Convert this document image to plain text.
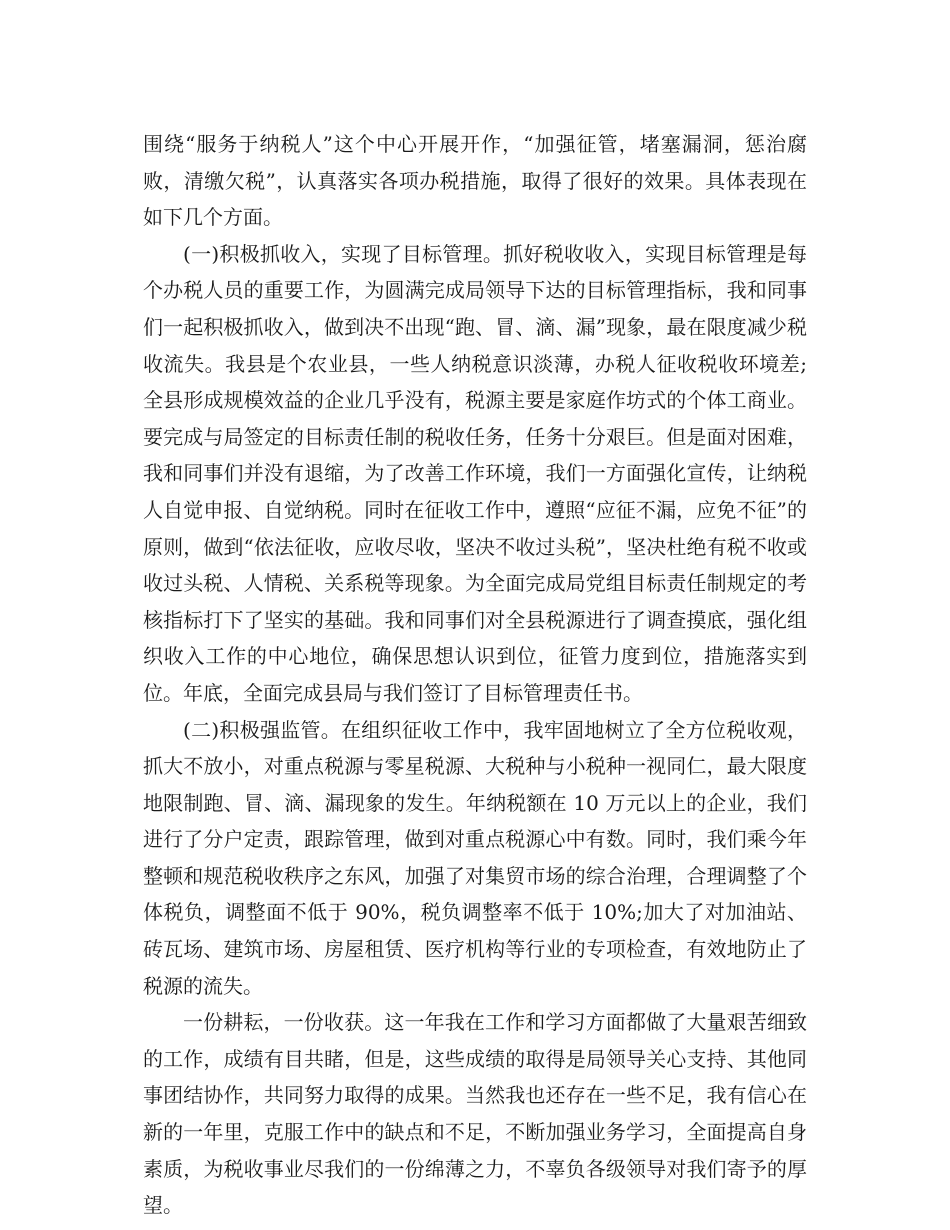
围绕“服务于纳税人”这个中心开展开作，“加强征管，堵塞漏洞，惩治腐败，清缴欠税”，认真落实各项办税措施，取得了很好的效果。具体表现在如下几个方面。

(一)积极抓收入，实现了目标管理。抓好税收收入，实现目标管理是每个办税人员的重要工作，为圆满完成局领导下达的目标管理指标，我和同事们一起积极抓收入，做到决不出现“跑、冒、滴、漏”现象，最在限度减少税收流失。我县是个农业县，一些人纳税意识淡薄，办税人征收税收环境差;全县形成规模效益的企业几乎没有，税源主要是家庭作坊式的个体工商业。要完成与局签定的目标责任制的税收任务，任务十分艰巨。但是面对困难，我和同事们并没有退缩，为了改善工作环境，我们一方面强化宣传，让纳税人自觉申报、自觉纳税。同时在征收工作中，遵照“应征不漏，应免不征”的原则，做到“依法征收，应收尽收，坚决不收过头税”，坚决杜绝有税不收或收过头税、人情税、关系税等现象。为全面完成局党组目标责任制规定的考核指标打下了坚实的基础。我和同事们对全县税源进行了调查摸底，强化组织收入工作的中心地位，确保思想认识到位，征管力度到位，措施落实到位。年底，全面完成县局与我们签订了目标管理责任书。

(二)积极强监管。在组织征收工作中，我牢固地树立了全方位税收观，抓大不放小，对重点税源与零星税源、大税种与小税种一视同仁，最大限度地限制跑、冒、滴、漏现象的发生。年纳税额在 10 万元以上的企业，我们进行了分户定责，跟踪管理，做到对重点税源心中有数。同时，我们乘今年整顿和规范税收秩序之东风，加强了对集贸市场的综合治理，合理调整了个体税负，调整面不低于 90%，税负调整率不低于 10%;加大了对加油站、砖瓦场、建筑市场、房屋租赁、医疗机构等行业的专项检查，有效地防止了税源的流失。

一份耕耘，一份收获。这一年我在工作和学习方面都做了大量艰苦细致的工作，成绩有目共睹，但是，这些成绩的取得是局领导关心支持、其他同事团结协作，共同努力取得的成果。当然我也还存在一些不足，我有信心在新的一年里，克服工作中的缺点和不足，不断加强业务学习，全面提高自身素质，为税收事业尽我们的一份绵薄之力，不辜负各级领导对我们寄予的厚望。
